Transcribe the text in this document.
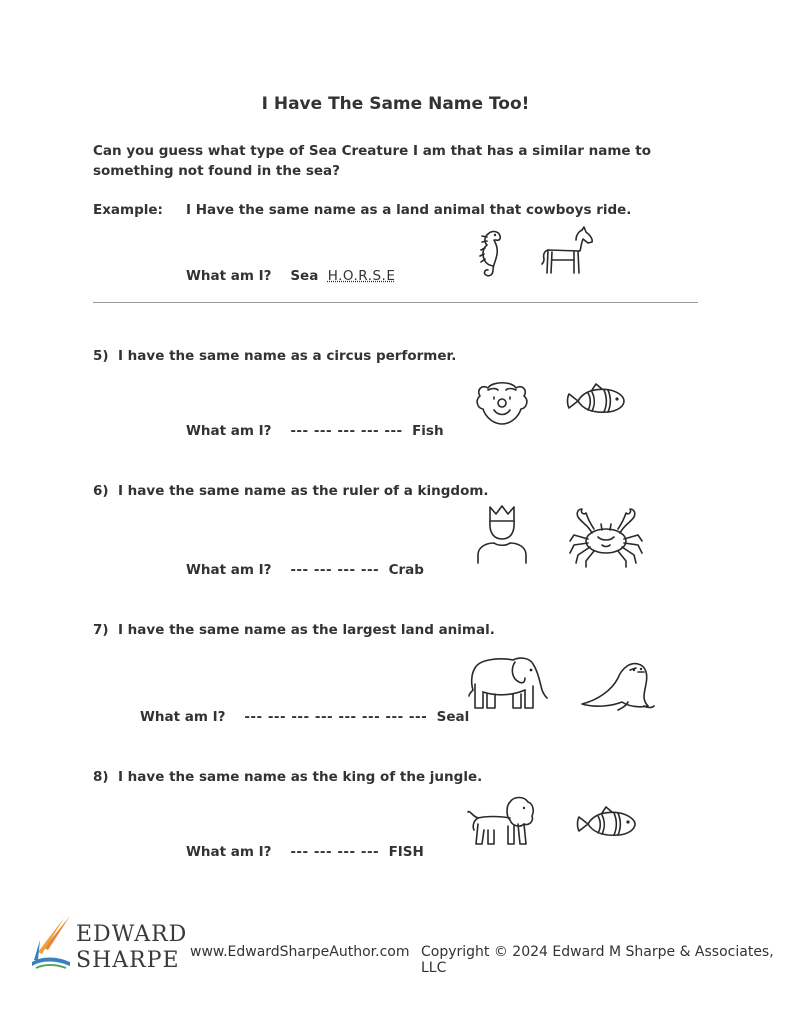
I Have The Same Name Too!
Can you guess what type of Sea Creature I am that has a similar name to something not found in the sea?
Example: I Have the same name as a land animal that cowboys ride.
What am I? Sea H.O.R.S.E
5)  I have the same name as a circus performer.
What am I? --- --- --- --- --- Fish
6)  I have the same name as the ruler of a kingdom.
What am I? --- --- --- --- Crab
7)  I have the same name as the largest land animal.
What am I? --- --- --- --- --- --- --- --- Seal
8)  I have the same name as the king of the jungle.
What am I? --- --- --- --- FISH
EDWARD
SHARPE www.EdwardSharpeAuthor.com Copyright © 2024 Edward M Sharpe & Associates, LLC
